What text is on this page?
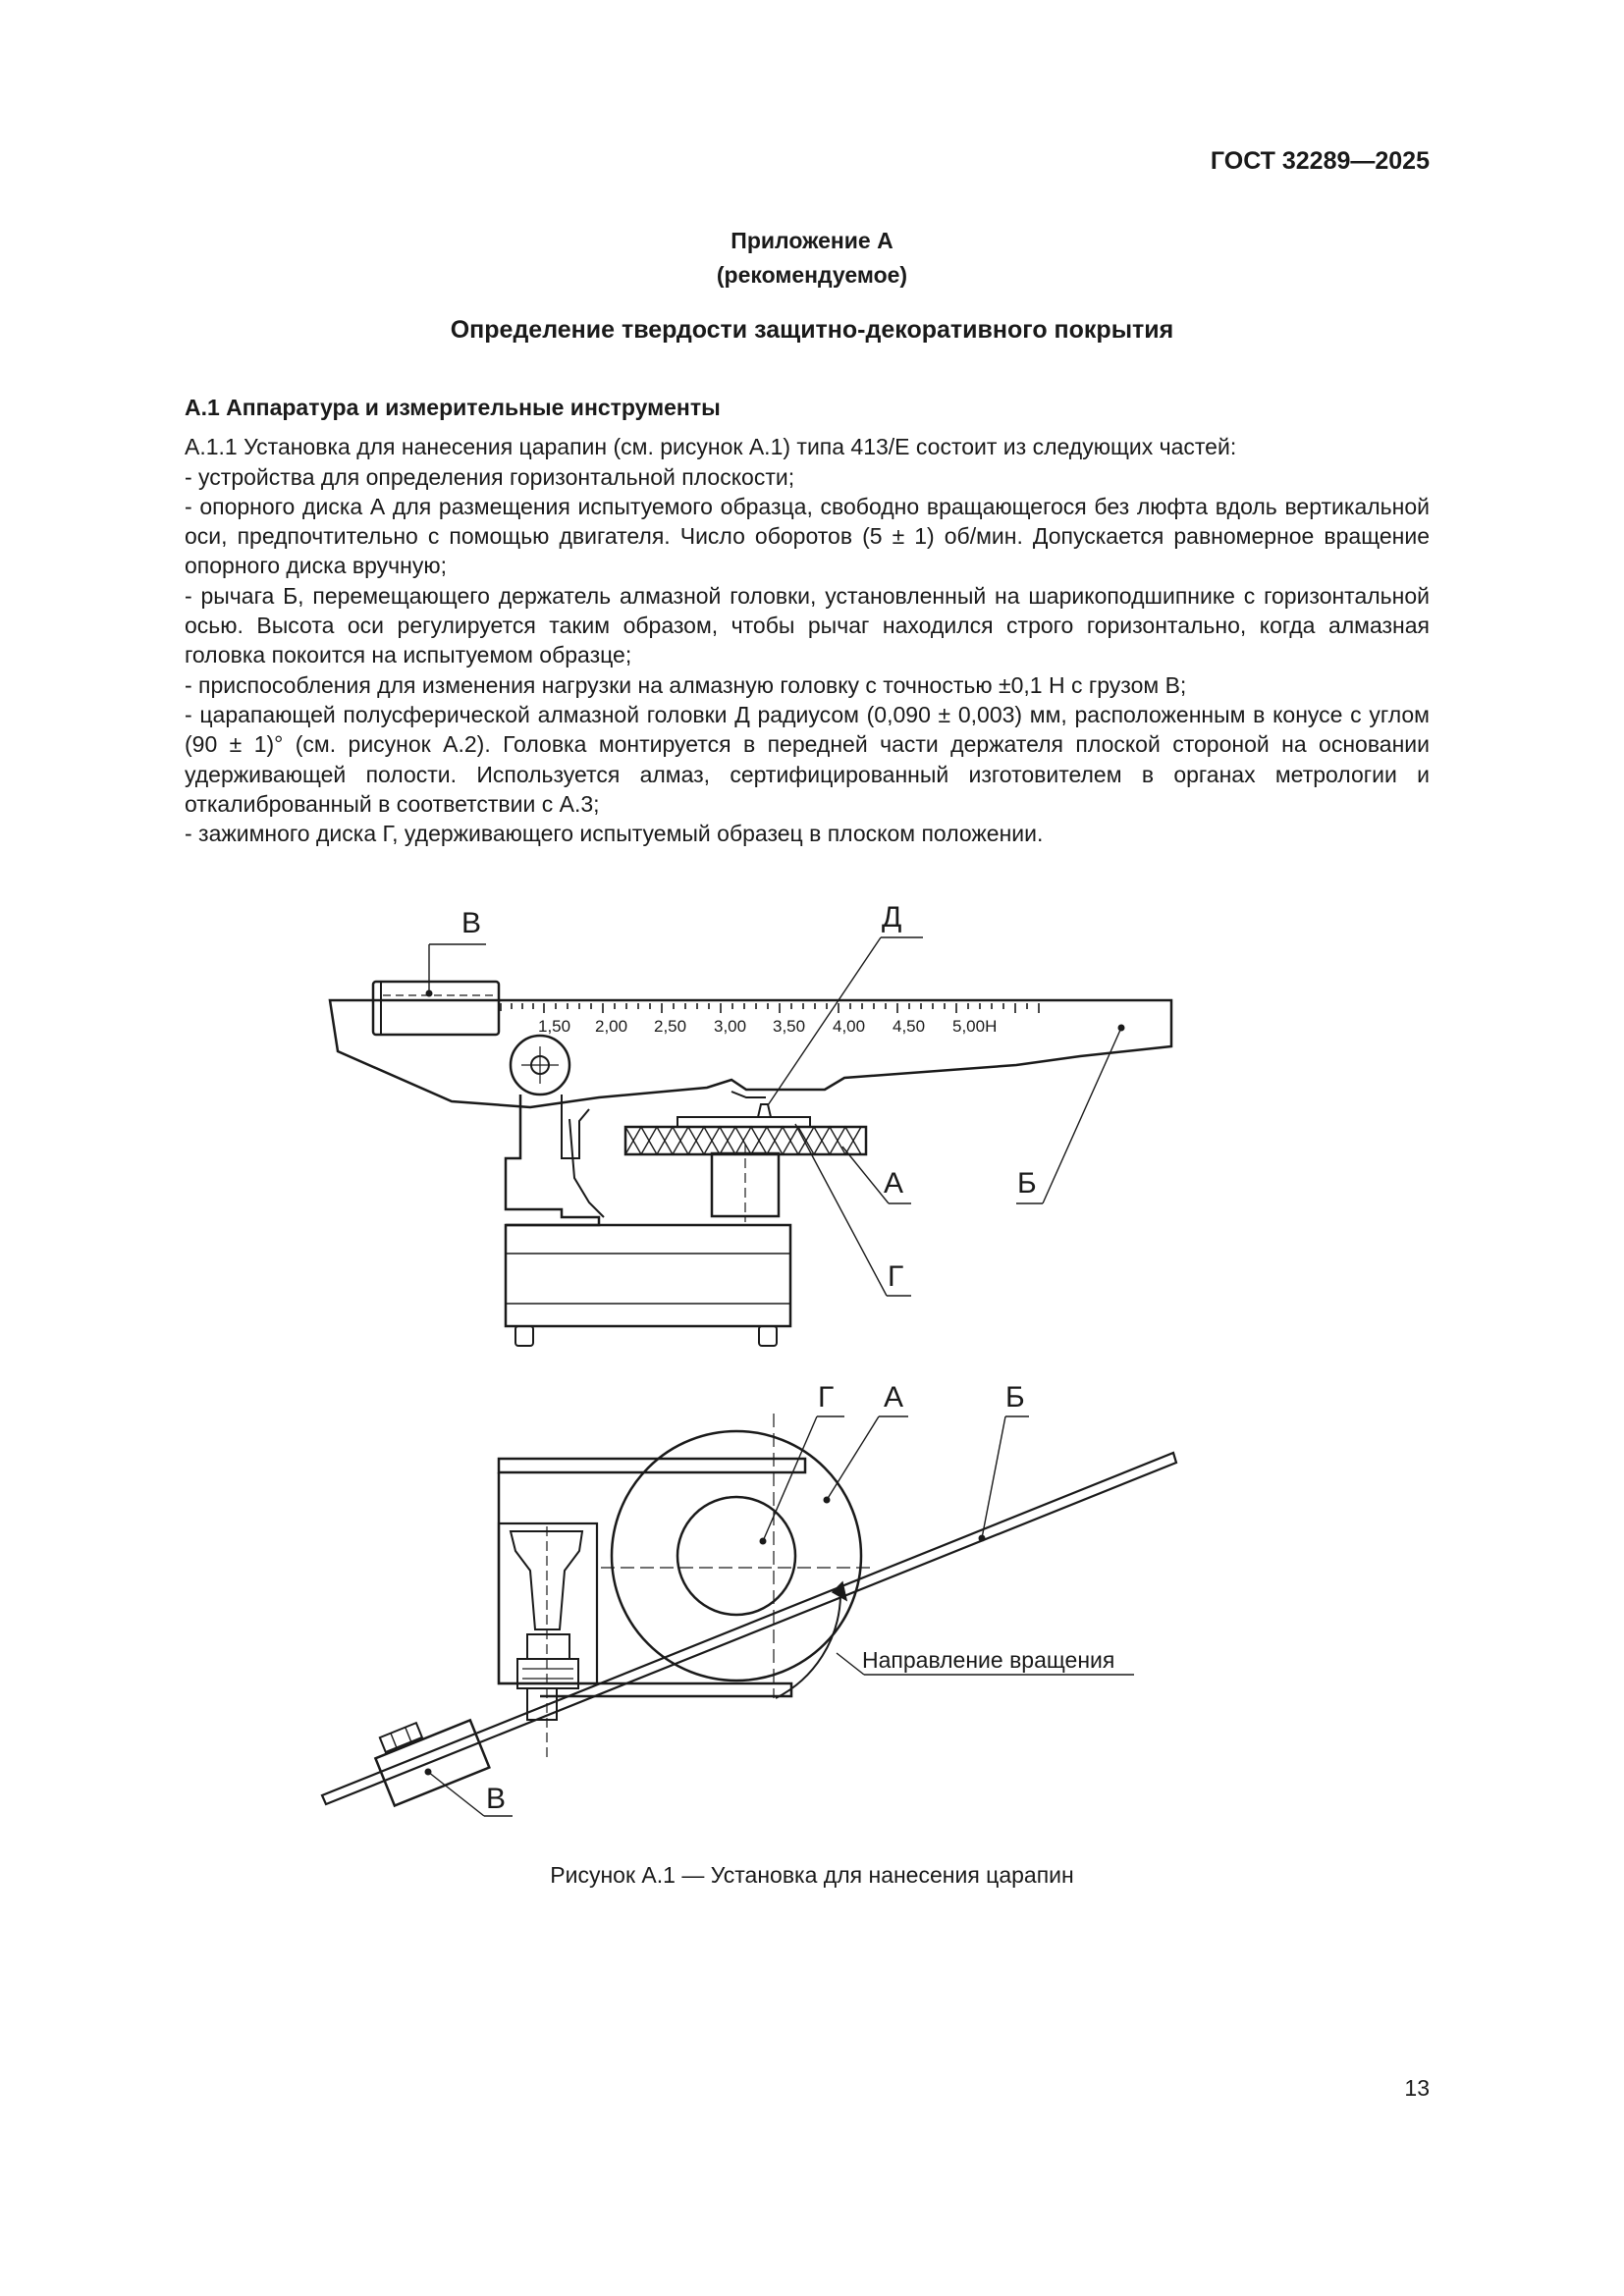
ГОСТ 32289—2025
Приложение А
(рекомендуемое)
Определение твердости защитно-декоративного покрытия

А.1 Аппаратура и измерительные инструменты

А.1.1 Установка для нанесения царапин (см. рисунок А.1) типа 413/Е состоит из следующих частей:

- устройства для определения горизонтальной плоскости;

- опорного диска А для размещения испытуемого образца, свободно вращающегося без люфта вдоль вертикальной оси, предпочтительно с помощью двигателя. Число оборотов (5 ± 1) об/мин. Допускается равномерное вращение опорного диска вручную;

- рычага Б, перемещающего держатель алмазной головки, установленный на шарикоподшипнике с горизонтальной осью. Высота оси регулируется таким образом, чтобы рычаг находился строго горизонтально, когда алмазная головка покоится на испытуемом образце;

- приспособления для изменения нагрузки на алмазную головку с точностью ±0,1 Н с грузом В;

- царапающей полусферической алмазной головки Д радиусом (0,090 ± 0,003) мм, расположенным в конусе с углом (90 ± 1)° (см. рисунок А.2). Головка монтируется в передней части держателя плоской стороной на основании удерживающей полости. Используется алмаз, сертифицированный изготовителем в органах метрологии и откалиброванный в соответствии с А.3;

- зажимного диска Г, удерживающего испытуемый образец в плоском положении.

1,50 2,00 2,50 3,00 3,50 4,00 4,50 5,00Н
В	Д
А	Б
Г
Г А	Б
В
Направление вращения
Рисунок А.1 — Установка для нанесения царапин
13
